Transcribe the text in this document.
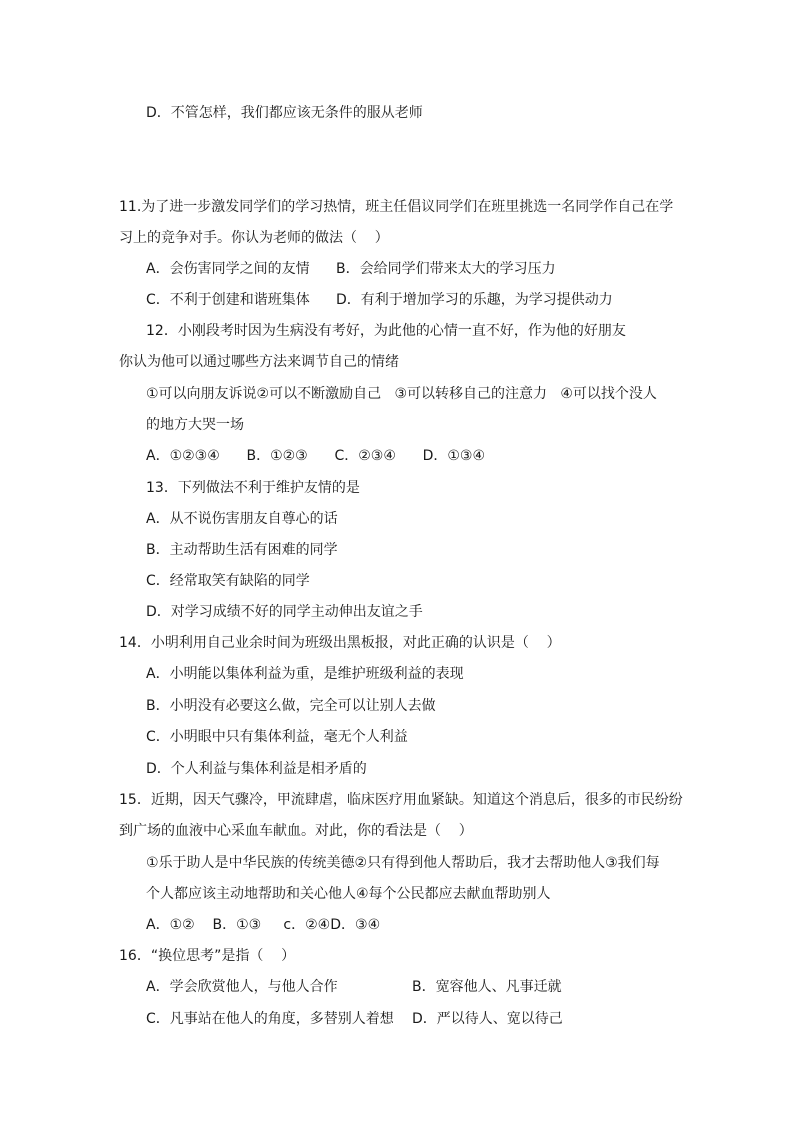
D．不管怎样，我们都应该无条件的服从老师
11.为了进一步激发同学们的学习热情，班主任倡议同学们在班里挑选一名同学作自己在学
习上的竞争对手。你认为老师的做法（    ）
A．会伤害同学之间的友情 B．会给同学们带来太大的学习压力
C．不利于创建和谐班集体 D．有利于增加学习的乐趣，为学习提供动力
12．小刚段考时因为生病没有考好，为此他的心情一直不好，作为他的好朋友
你认为他可以通过哪些方法来调节自己的情绪
①可以向朋友诉说②可以不断激励自己   ③可以转移自己的注意力   ④可以找个没人
的地方大哭一场
A．①②③④      B．①②③      C．②③④      D．①③④
13．下列做法不利于维护友情的是
A．从不说伤害朋友自尊心的话
B．主动帮助生活有困难的同学
C．经常取笑有缺陷的同学
D．对学习成绩不好的同学主动伸出友谊之手
14．小明利用自己业余时间为班级出黑板报，对此正确的认识是（    ）
A．小明能以集体利益为重，是维护班级利益的表现
B．小明没有必要这么做，完全可以让别人去做
C．小明眼中只有集体利益，毫无个人利益
D．个人利益与集体利益是相矛盾的
15．近期，因天气骤冷，甲流肆虐，临床医疗用血紧缺。知道这个消息后，很多的市民纷纷
到广场的血液中心采血车献血。对此，你的看法是（    ）
①乐于助人是中华民族的传统美德②只有得到他人帮助后，我才去帮助他人③我们每
个人都应该主动地帮助和关心他人④每个公民都应去献血帮助别人
A．①②    B．①③     c．②④D．③④
16．“换位思考”是指（    ）
A．学会欣赏他人，与他人合作	B．宽容他人、凡事迁就
C．凡事站在他人的角度，多替别人着想 D．严以待人、宽以待己
